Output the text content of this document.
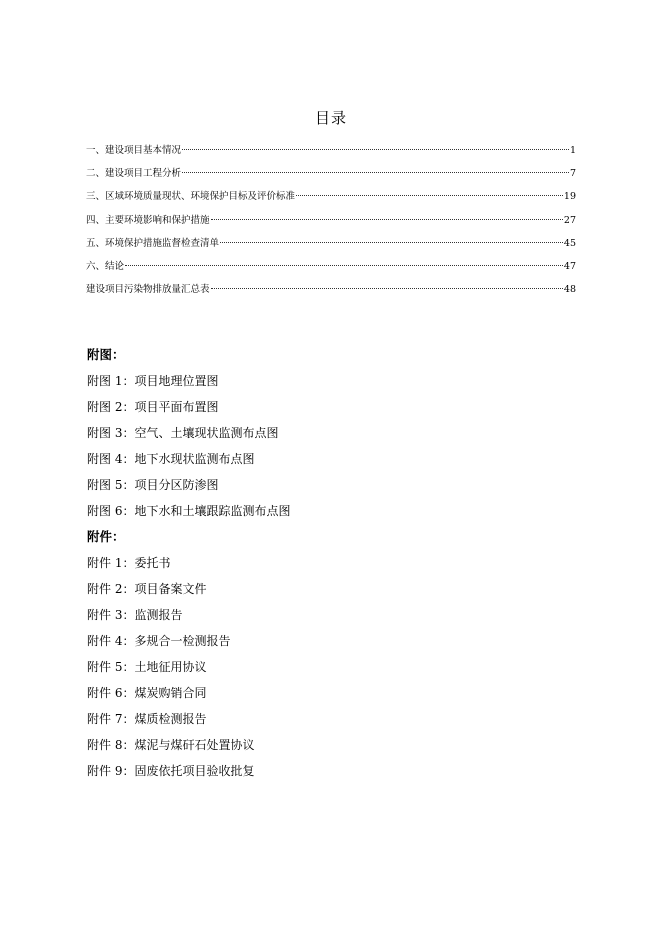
目录
一、建设项目基本情况	1
二、建设项目工程分析	7
三、区域环境质量现状、环境保护目标及评价标准	19
四、主要环境影响和保护措施	27
五、环境保护措施监督检查清单	45
六、结论	47
建设项目污染物排放量汇总表	48
附图：
附图 1：项目地理位置图
附图 2：项目平面布置图
附图 3：空气、土壤现状监测布点图
附图 4：地下水现状监测布点图
附图 5：项目分区防渗图
附图 6：地下水和土壤跟踪监测布点图
附件：
附件 1：委托书
附件 2：项目备案文件
附件 3：监测报告
附件 4：多规合一检测报告
附件 5：土地征用协议
附件 6：煤炭购销合同
附件 7：煤质检测报告
附件 8：煤泥与煤矸石处置协议
附件 9：固废依托项目验收批复
